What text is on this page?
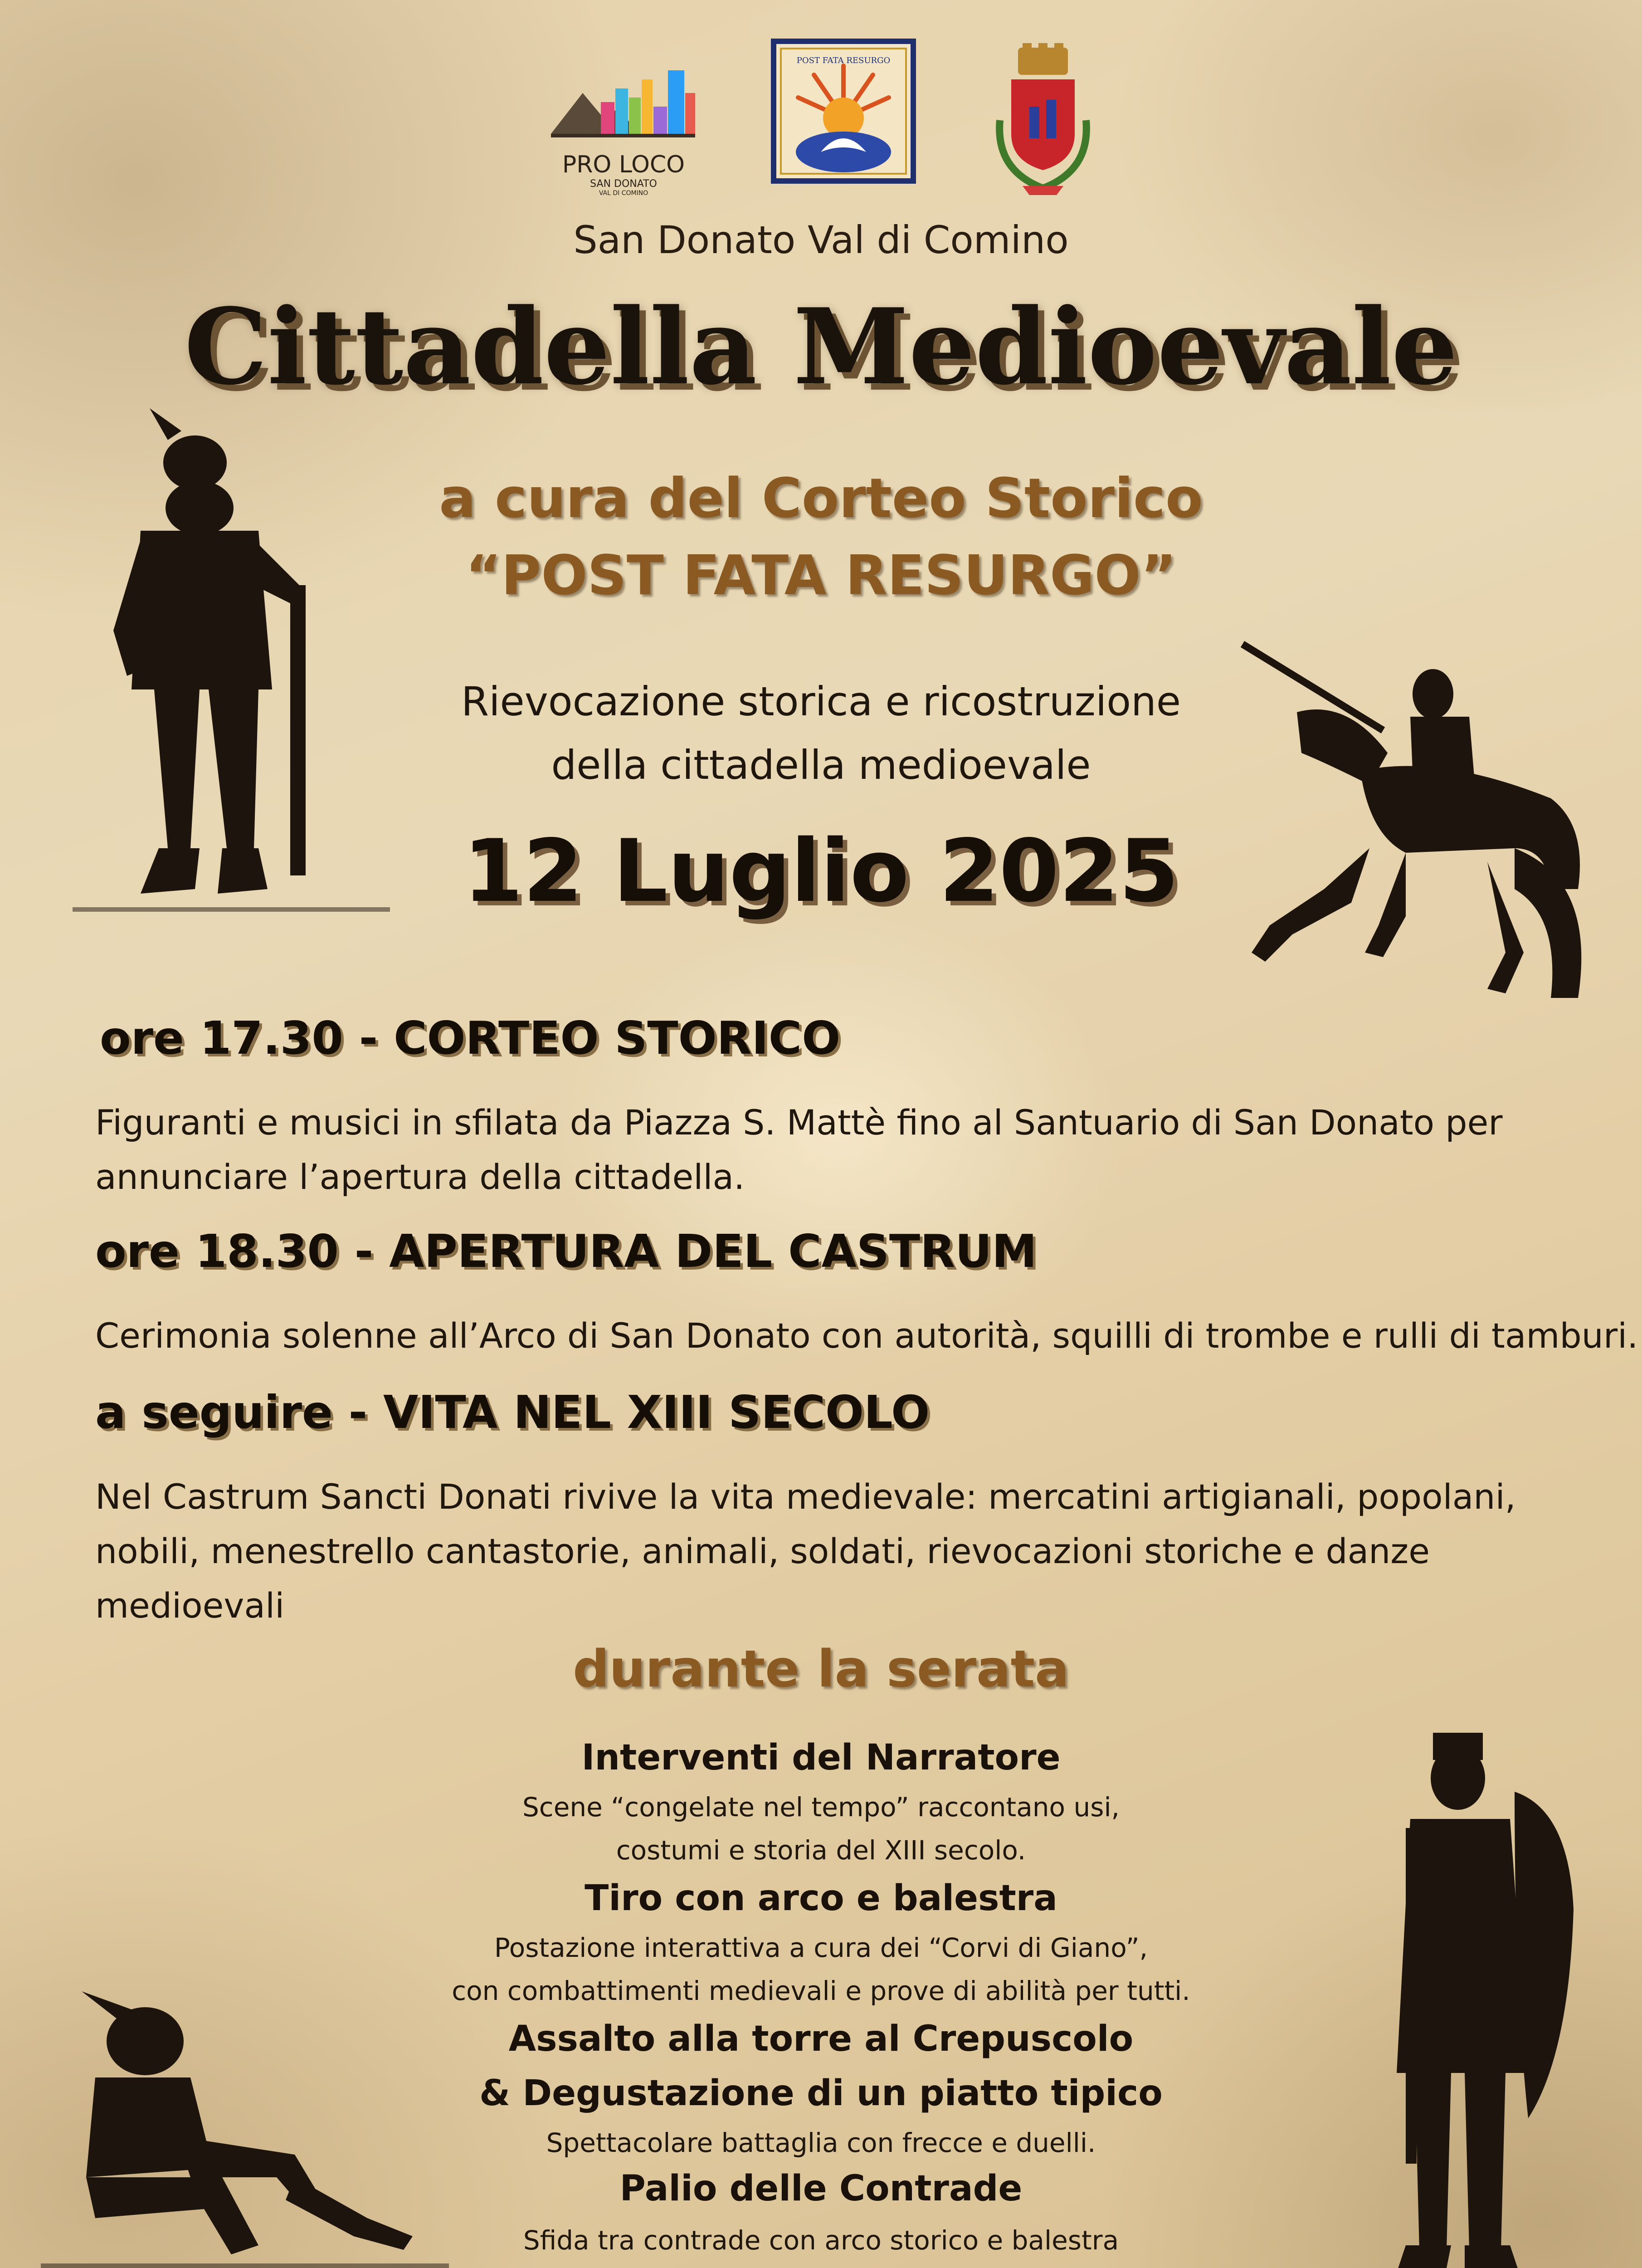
PRO LOCO
SAN DONATO
VAL DI COMINO
POST FATA RESURGO
San Donato Val di Comino
Cittadella Medioevale
a cura del Corteo Storico
“POST FATA RESURGO”
Rievocazione storica e ricostruzione
della cittadella medioevale
12 Luglio 2025
ore 17.30 - CORTEO STORICO
Figuranti e musici in sfilata da Piazza S. Mattè fino al Santuario di San Donato per annunciare l’apertura della cittadella.
ore 18.30 - APERTURA DEL CASTRUM
Cerimonia solenne all’Arco di San Donato con autorità, squilli di trombe e rulli di tamburi.
a seguire - VITA NEL XIII SECOLO
Nel Castrum Sancti Donati rivive la vita medievale: mercatini artigianali, popolani, nobili, menestrello cantastorie, animali, soldati, rievocazioni storiche e danze medioevali
durante la serata
Interventi del Narratore
Scene “congelate nel tempo” raccontano usi,
costumi e storia del XIII secolo.
Tiro con arco e balestra
Postazione interattiva a cura dei “Corvi di Giano”,
con combattimenti medievali e prove di abilità per tutti.
Assalto alla torre al Crepuscolo
& Degustazione di un piatto tipico
Spettacolare battaglia con frecce e duelli.
Palio delle Contrade
Sfida tra contrade con arco storico e balestra
